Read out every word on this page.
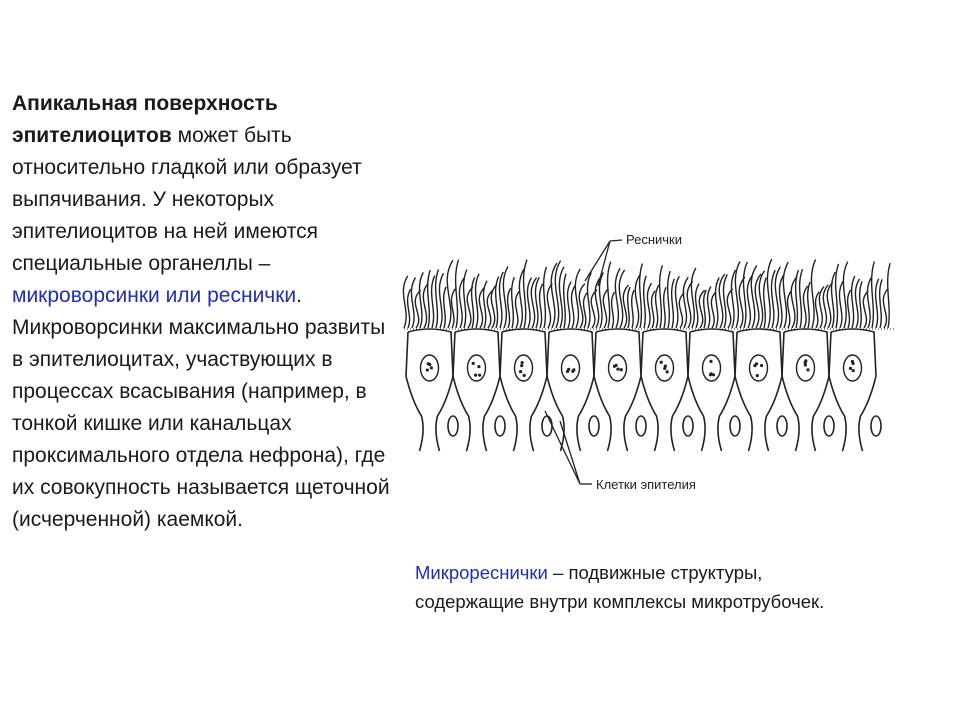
Апикальная поверхность эпителиоцитов может быть относительно гладкой или образует выпячивания. У некоторых эпителиоцитов на ней имеются специальные органеллы – микроворсинки или реснички. Микроворсинки максимально развиты в эпителиоцитах, участвующих в процессах всасывания (например, в тонкой кишке или канальцах проксимального отдела нефрона), где их совокупность называется щеточной (исчерченной) каемкой.
Реснички
Клетки эпителия
Микрореснички – подвижные структуры, содержащие внутри комплексы микротрубочек.
